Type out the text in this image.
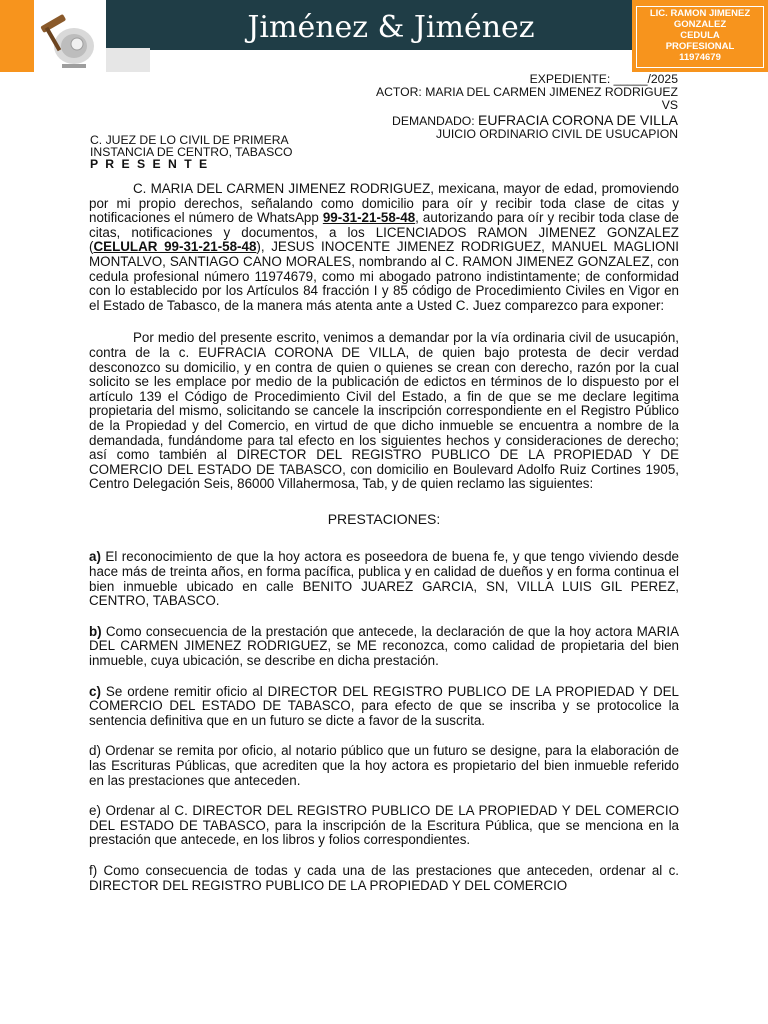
Jiménez & Jiménez	LIC. RAMON JIMENEZ
GONZALEZ
CEDULA
PROFESIONAL
11974679
EXPEDIENTE: _____/2025
ACTOR: MARIA DEL CARMEN JIMENEZ RODRIGUEZ
VS
DEMANDADO: EUFRACIA CORONA DE VILLA
JUICIO ORDINARIO CIVIL DE USUCAPION
C. JUEZ DE LO CIVIL DE PRIMERA
INSTANCIA DE CENTRO, TABASCO
P R E S E N T E

C. MARIA DEL CARMEN JIMENEZ RODRIGUEZ, mexicana, mayor de edad, promoviendo por mi propio derechos, señalando como domicilio para oír y recibir toda clase de citas y notificaciones el número de WhatsApp 99-31-21-58-48, autorizando para oír y recibir toda clase de citas, notificaciones y documentos, a los LICENCIADOS RAMON JIMENEZ GONZALEZ (CELULAR 99-31-21-58-48), JESUS INOCENTE JIMENEZ RODRIGUEZ, MANUEL MAGLIONI MONTALVO, SANTIAGO CANO MORALES, nombrando al C. RAMON JIMENEZ GONZALEZ, con cedula profesional número 11974679, como mi abogado patrono indistintamente; de conformidad con lo establecido por los Artículos 84 fracción I y 85 código de Procedimiento Civiles en Vigor en el Estado de Tabasco, de la manera más atenta ante a Usted C. Juez comparezco para exponer:

Por medio del presente escrito, venimos a demandar por la vía ordinaria civil de usucapión, contra de la c. EUFRACIA CORONA DE VILLA, de quien bajo protesta de decir verdad desconozco su domicilio, y en contra de quien o quienes se crean con derecho, razón por la cual solicito se les emplace por medio de la publicación de edictos en términos de lo dispuesto por el artículo 139 el Código de Procedimiento Civil del Estado, a fin de que se me declare legitima propietaria del mismo, solicitando se cancele la inscripción correspondiente en el Registro Público de la Propiedad y del Comercio, en virtud de que dicho inmueble se encuentra a nombre de la demandada, fundándome para tal efecto en los siguientes hechos y consideraciones de derecho; así como también al DIRECTOR DEL REGISTRO PUBLICO DE LA PROPIEDAD Y DE COMERCIO DEL ESTADO DE TABASCO, con domicilio en Boulevard Adolfo Ruiz Cortines 1905, Centro Delegación Seis, 86000 Villahermosa, Tab, y de quien reclamo las siguientes:

PRESTACIONES:

a) El reconocimiento de que la hoy actora es poseedora de buena fe, y que tengo viviendo desde hace más de treinta años, en forma pacífica, publica y en calidad de dueños y en forma continua el bien inmueble ubicado en calle BENITO JUAREZ GARCIA, SN, VILLA LUIS GIL PEREZ, CENTRO, TABASCO.

b) Como consecuencia de la prestación que antecede, la declaración de que la hoy actora MARIA DEL CARMEN JIMENEZ RODRIGUEZ, se ME reconozca, como calidad de propietaria del bien inmueble, cuya ubicación, se describe en dicha prestación.

c) Se ordene remitir oficio al DIRECTOR DEL REGISTRO PUBLICO DE LA PROPIEDAD Y DEL COMERCIO DEL ESTADO DE TABASCO, para efecto de que se inscriba y se protocolice la sentencia definitiva que en un futuro se dicte a favor de la suscrita.

d) Ordenar se remita por oficio, al notario público que un futuro se designe, para la elaboración de las Escrituras Públicas, que acrediten que la hoy actora es propietario del bien inmueble referido en las prestaciones que anteceden.

e) Ordenar al C. DIRECTOR DEL REGISTRO PUBLICO DE LA PROPIEDAD Y DEL COMERCIO DEL ESTADO DE TABASCO, para la inscripción de la Escritura Pública, que se menciona en la prestación que antecede, en los libros y folios correspondientes.

f) Como consecuencia de todas y cada una de las prestaciones que anteceden, ordenar al c. DIRECTOR DEL REGISTRO PUBLICO DE LA PROPIEDAD Y DEL COMERCIO
